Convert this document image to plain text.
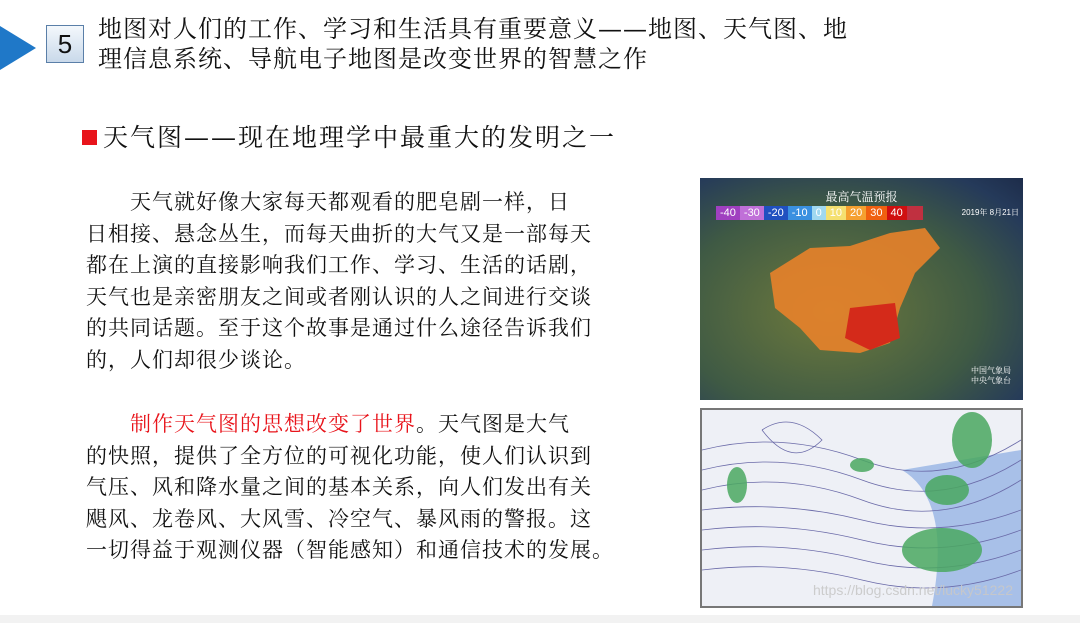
5	地图对人们的工作、学习和生活具有重要意义——地图、天气图、地
理信息系统、导航电子地图是改变世界的智慧之作
天气图——现在地理学中最重大的发明之一
　　天气就好像大家每天都观看的肥皂剧一样，日
日相接、悬念丛生，而每天曲折的大气又是一部每天
都在上演的直接影响我们工作、学习、生活的话剧，
天气也是亲密朋友之间或者刚认识的人之间进行交谈
的共同话题。至于这个故事是通过什么途径告诉我们
的，人们却很少谈论。
　　制作天气图的思想改变了世界。天气图是大气
的快照，提供了全方位的可视化功能，使人们认识到
气压、风和降水量之间的基本关系，向人们发出有关
飓风、龙卷风、大风雪、冷空气、暴风雨的警报。这
一切得益于观测仪器（智能感知）和通信技术的发展。
最高气温预报
-40 -30 -20 -10 0 10 20 30 40	2019年 8月21日
中国气象局
中央气象台
https://blog.csdn.net/lucky51222
